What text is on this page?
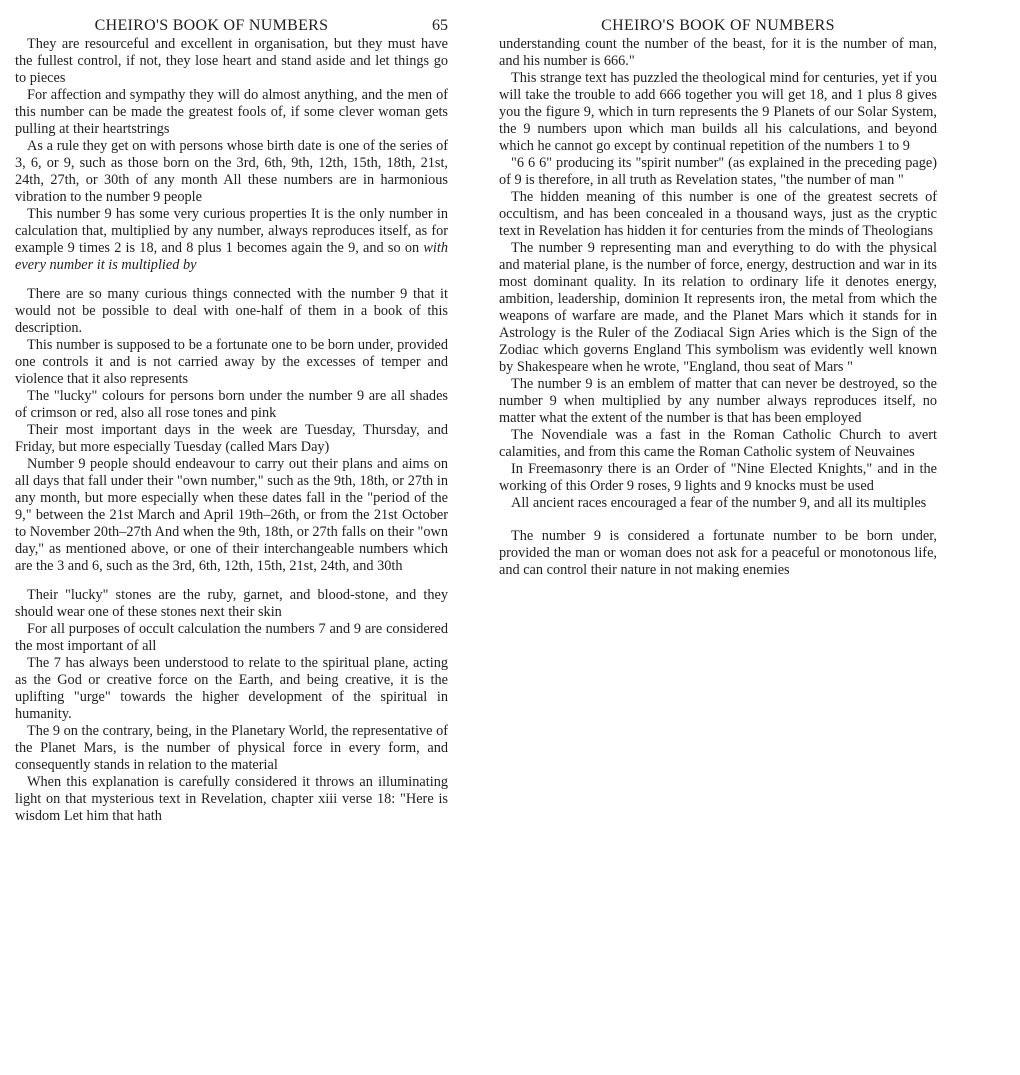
CHEIRO'S BOOK OF NUMBERS	65

They are resourceful and excellent in organisation, but they must have the fullest control, if not, they lose heart and stand aside and let things go to pieces

For affection and sympathy they will do almost anything, and the men of this number can be made the greatest fools of, if some clever woman gets pulling at their heartstrings

As a rule they get on with persons whose birth date is one of the series of 3, 6, or 9, such as those born on the 3rd, 6th, 9th, 12th, 15th, 18th, 21st, 24th, 27th, or 30th of any month All these numbers are in harmonious vibration to the number 9 people

This number 9 has some very curious properties It is the only number in calculation that, multiplied by any number, always reproduces itself, as for example 9 times 2 is 18, and 8 plus 1 becomes again the 9, and so on with every number it is multiplied by

There are so many curious things connected with the number 9 that it would not be possible to deal with one-half of them in a book of this description.

This number is supposed to be a fortunate one to be born under, provided one controls it and is not carried away by the excesses of temper and violence that it also represents

The "lucky" colours for persons born under the number 9 are all shades of crimson or red, also all rose tones and pink

Their most important days in the week are Tuesday, Thursday, and Friday, but more especially Tuesday (called Mars Day)

Number 9 people should endeavour to carry out their plans and aims on all days that fall under their "own number," such as the 9th, 18th, or 27th in any month, but more especially when these dates fall in the "period of the 9," between the 21st March and April 19th–26th, or from the 21st October to November 20th–27th And when the 9th, 18th, or 27th falls on their "own day," as mentioned above, or one of their interchangeable numbers which are the 3 and 6, such as the 3rd, 6th, 12th, 15th, 21st, 24th, and 30th

Their "lucky" stones are the ruby, garnet, and blood-stone, and they should wear one of these stones next their skin

For all purposes of occult calculation the numbers 7 and 9 are considered the most important of all

The 7 has always been understood to relate to the spiritual plane, acting as the God or creative force on the Earth, and being creative, it is the uplifting "urge" towards the higher development of the spiritual in humanity.

The 9 on the contrary, being, in the Planetary World, the representative of the Planet Mars, is the number of physical force in every form, and consequently stands in relation to the material

When this explanation is carefully considered it throws an illuminating light on that mysterious text in Revelation, chapter xiii verse 18: "Here is wisdom Let him that hath

CHEIRO'S BOOK OF NUMBERS

understanding count the number of the beast, for it is the number of man, and his number is 666."

This strange text has puzzled the theological mind for centuries, yet if you will take the trouble to add 666 together you will get 18, and 1 plus 8 gives you the figure 9, which in turn represents the 9 Planets of our Solar System, the 9 numbers upon which man builds all his calculations, and beyond which he cannot go except by continual repetition of the numbers 1 to 9

"6 6 6" producing its "spirit number" (as explained in the preceding page) of 9 is therefore, in all truth as Revelation states, "the number of man "

The hidden meaning of this number is one of the greatest secrets of occultism, and has been concealed in a thousand ways, just as the cryptic text in Revelation has hidden it for centuries from the minds of Theologians

The number 9 representing man and everything to do with the physical and material plane, is the number of force, energy, destruction and war in its most dominant quality. In its relation to ordinary life it denotes energy, ambition, leadership, dominion It represents iron, the metal from which the weapons of warfare are made, and the Planet Mars which it stands for in Astrology is the Ruler of the Zodiacal Sign Aries which is the Sign of the Zodiac which governs England This symbolism was evidently well known by Shakespeare when he wrote, "England, thou seat of Mars "

The number 9 is an emblem of matter that can never be destroyed, so the number 9 when multiplied by any number always reproduces itself, no matter what the extent of the number is that has been employed

The Novendiale was a fast in the Roman Catholic Church to avert calamities, and from this came the Roman Catholic system of Neuvaines

In Freemasonry there is an Order of "Nine Elected Knights," and in the working of this Order 9 roses, 9 lights and 9 knocks must be used

All ancient races encouraged a fear of the number 9, and all its multiples

The number 9 is considered a fortunate number to be born under, provided the man or woman does not ask for a peaceful or monotonous life, and can control their nature in not making enemies
